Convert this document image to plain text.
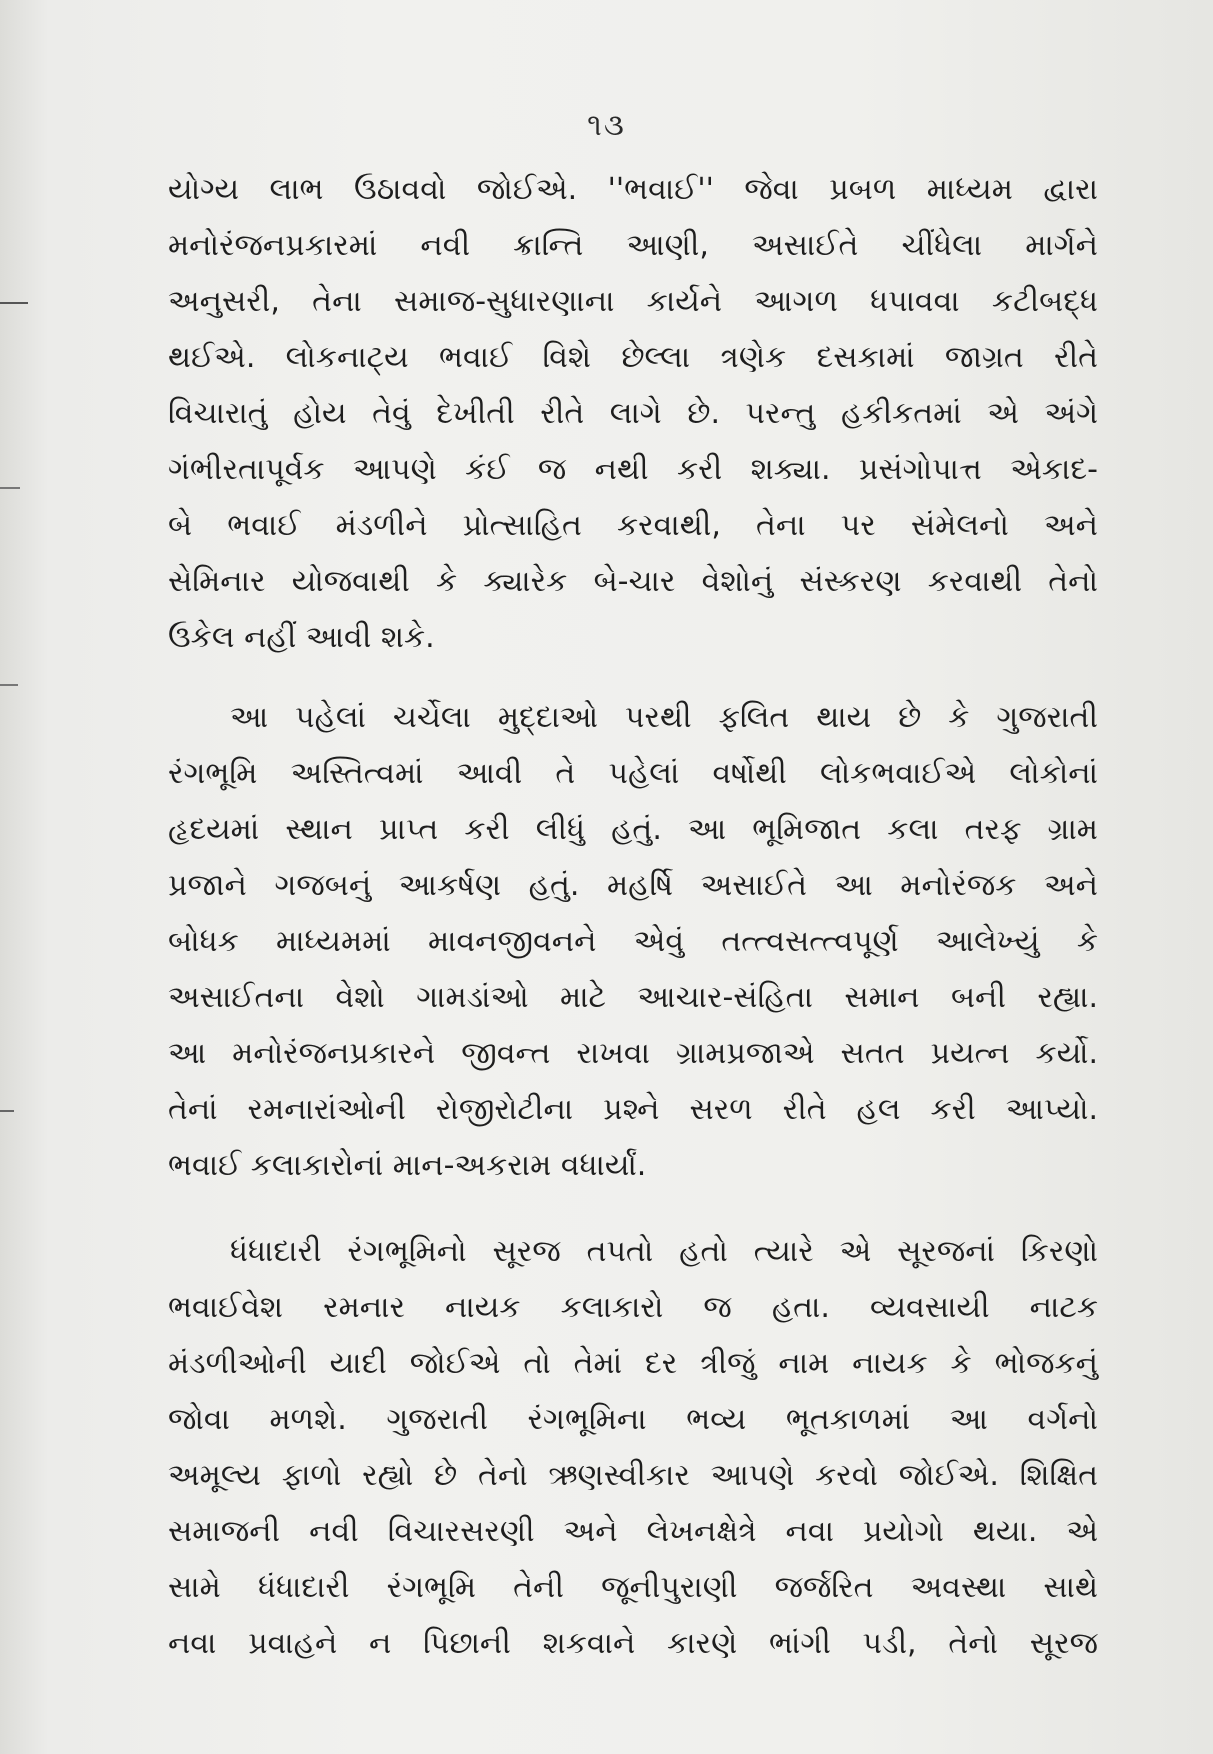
૧૩
યોગ્ય લાભ ઉઠાવવો જોઈએ. ''ભવાઈ'' જેવા પ્રબળ માધ્યમ દ્વારા
મનોરંજનપ્રકારમાં નવી ક્રાન્તિ આણી, અસાઈતે ચીંધેલા માર્ગને
અનુસરી, તેના સમાજ-સુધારણાના કાર્યને આગળ ધપાવવા કટીબદ્ધ
થઈએ. લોકનાટ્ય ભવાઈ વિશે છેલ્લા ત્રણેક દસકામાં જાગ્રત રીતે
વિચારાતું હોય તેવું દેખીતી રીતે લાગે છે. પરન્તુ હકીકતમાં એ અંગે
ગંભીરતાપૂર્વક આપણે કંઈ જ નથી કરી શક્યા. પ્રસંગોપાત્ત એકાદ-
બે ભવાઈ મંડળીને પ્રોત્સાહિત કરવાથી, તેના પર સંમેલનો અને
સેમિનાર યોજવાથી કે ક્યારેક બે-ચાર વેશોનું સંસ્કરણ કરવાથી તેનો
ઉકેલ નહીં આવી શકે.
આ પહેલાં ચર્ચેલા મુદ્દાઓ પરથી ફલિત થાય છે કે ગુજરાતી
રંગભૂમિ અસ્તિત્વમાં આવી તે પહેલાં વર્ષોથી લોકભવાઈએ લોકોનાં
હૃદયમાં સ્થાન પ્રાપ્ત કરી લીધું હતું. આ ભૂમિજાત કલા તરફ ગ્રામ
પ્રજાને ગજબનું આકર્ષણ હતું. મહર્ષિ અસાઈતે આ મનોરંજક અને
બોધક માધ્યમમાં માવનજીવનને એવું તત્ત્વસત્ત્વપૂર્ણ આલેખ્યું કે
અસાઈતના વેશો ગામડાંઓ માટે આચાર-સંહિતા સમાન બની રહ્યા.
આ મનોરંજનપ્રકારને જીવન્ત રાખવા ગ્રામપ્રજાએ સતત પ્રયત્ન કર્યો.
તેનાં રમનારાંઓની રોજીરોટીના પ્રશ્ને સરળ રીતે હલ કરી આપ્યો.
ભવાઈ કલાકારોનાં માન-અકરામ વધાર્યાં.
ધંધાદારી રંગભૂમિનો સૂરજ તપતો હતો ત્યારે એ સૂરજનાં કિરણો
ભવાઈવેશ રમનાર નાયક કલાકારો જ હતા. વ્યવસાયી નાટક
મંડળીઓની યાદી જોઈએ તો તેમાં દર ત્રીજું નામ નાયક કે ભોજકનું
જોવા મળશે. ગુજરાતી રંગભૂમિના ભવ્ય ભૂતકાળમાં આ વર્ગનો
અમૂલ્ય ફાળો રહ્યો છે તેનો ઋણસ્વીકાર આપણે કરવો જોઈએ. શિક્ષિત
સમાજની નવી વિચારસરણી અને લેખનક્ષેત્રે નવા પ્રયોગો થયા. એ
સામે ધંધાદારી રંગભૂમિ તેની જૂનીપુરાણી જર્જરિત અવસ્થા સાથે
નવા પ્રવાહને ન પિછાની શકવાને કારણે ભાંગી પડી, તેનો સૂરજ
